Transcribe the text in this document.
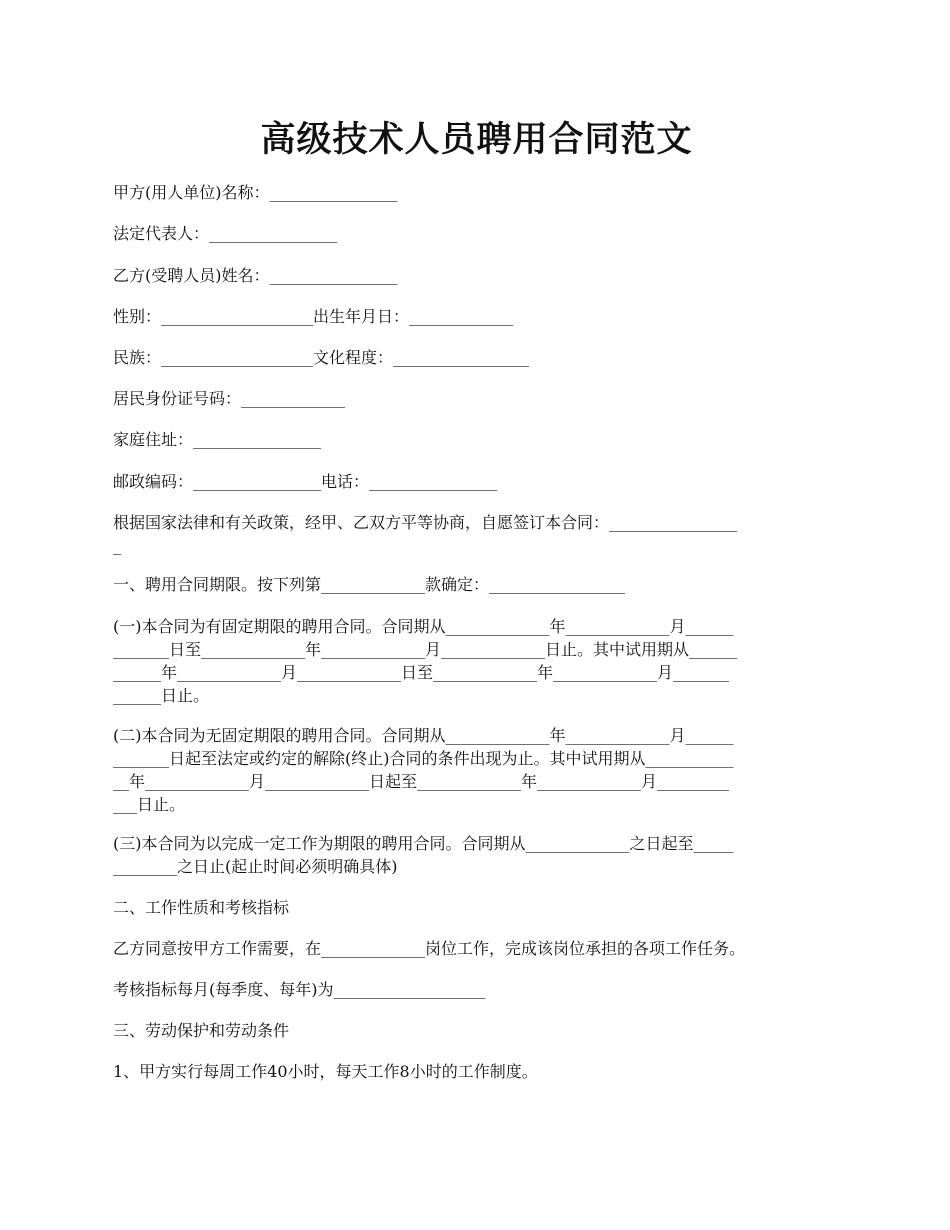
高级技术人员聘用合同范文

甲方(用人单位)名称：________________

法定代表人：________________

乙方(受聘人员)姓名：________________

性别：___________________出生年月日：_____________

民族：___________________文化程度：_________________

居民身份证号码：_____________

家庭住址：________________

邮政编码：________________电话：________________

根据国家法律和有关政策，经甲、乙双方平等协商，自愿签订本合同：________________
_

一、聘用合同期限。按下列第_____________款确定：_________________

(一)本合同为有固定期限的聘用合同。合同期从_____________年_____________月______
_______日至_____________年_____________月_____________日止。其中试用期从______
______年_____________月_____________日至_____________年_____________月_______
______日止。

(二)本合同为无固定期限的聘用合同。合同期从_____________年_____________月______
_______日起至法定或约定的解除(终止)合同的条件出现为止。其中试用期从___________
__年_____________月_____________日起至_____________年_____________月_________
___日止。

(三)本合同为以完成一定工作为期限的聘用合同。合同期从_____________之日起至_____
________之日止(起止时间必须明确具体)

二、工作性质和考核指标

乙方同意按甲方工作需要，在_____________岗位工作，完成该岗位承担的各项工作任务。

考核指标每月(每季度、每年)为___________________

三、劳动保护和劳动条件

1、甲方实行每周工作40小时，每天工作8小时的工作制度。
